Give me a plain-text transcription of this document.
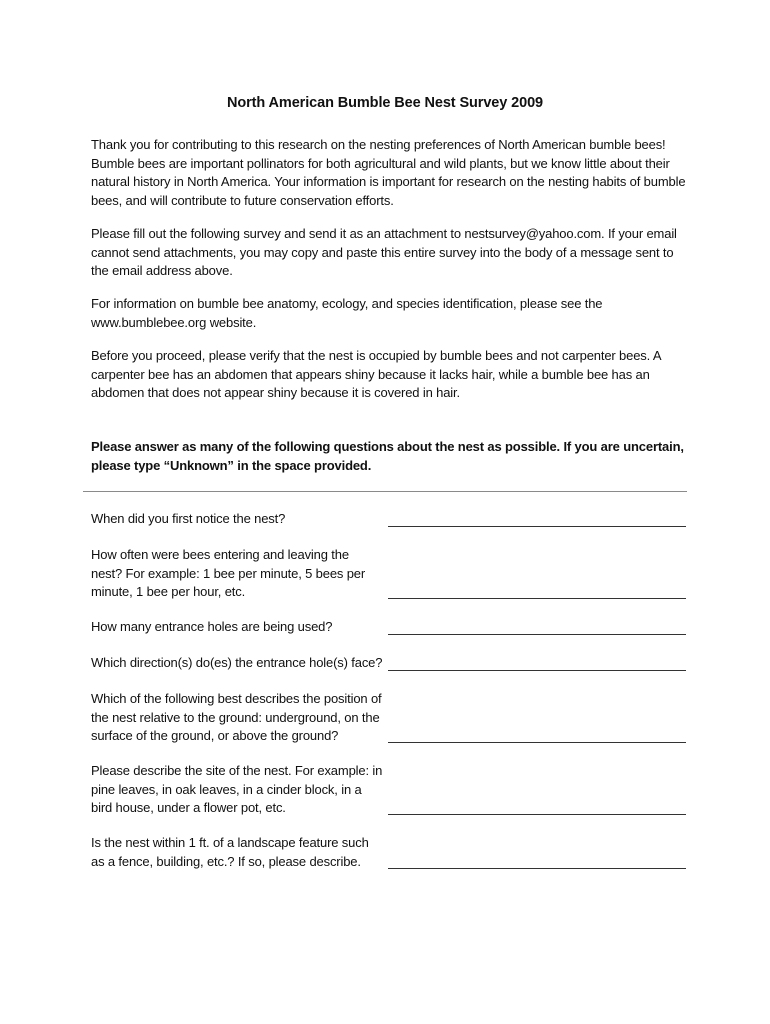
North American Bumble Bee Nest Survey 2009

Thank you for contributing to this research on the nesting preferences of North American bumble bees! Bumble bees are important pollinators for both agricultural and wild plants, but we know little about their natural history in North America. Your information is important for research on the nesting habits of bumble bees, and will contribute to future conservation efforts.

Please fill out the following survey and send it as an attachment to nestsurvey@yahoo.com. If your email cannot send attachments, you may copy and paste this entire survey into the body of a message sent to the email address above.

For information on bumble bee anatomy, ecology, and species identification, please see the www.bumblebee.org website.

Before you proceed, please verify that the nest is occupied by bumble bees and not carpenter bees. A carpenter bee has an abdomen that appears shiny because it lacks hair, while a bumble bee has an abdomen that does not appear shiny because it is covered in hair.

Please answer as many of the following questions about the nest as possible. If you are uncertain, please type “Unknown” in the space provided.

When did you first notice the nest?
How often were bees entering and leaving the nest? For example: 1 bee per minute, 5 bees per minute, 1 bee per hour, etc.
How many entrance holes are being used?
Which direction(s) do(es) the entrance hole(s) face?
Which of the following best describes the position of the nest relative to the ground: underground, on the surface of the ground, or above the ground?
Please describe the site of the nest. For example: in pine leaves, in oak leaves, in a cinder block, in a bird house, under a flower pot, etc.
Is the nest within 1 ft. of a landscape feature such as a fence, building, etc.? If so, please describe.
